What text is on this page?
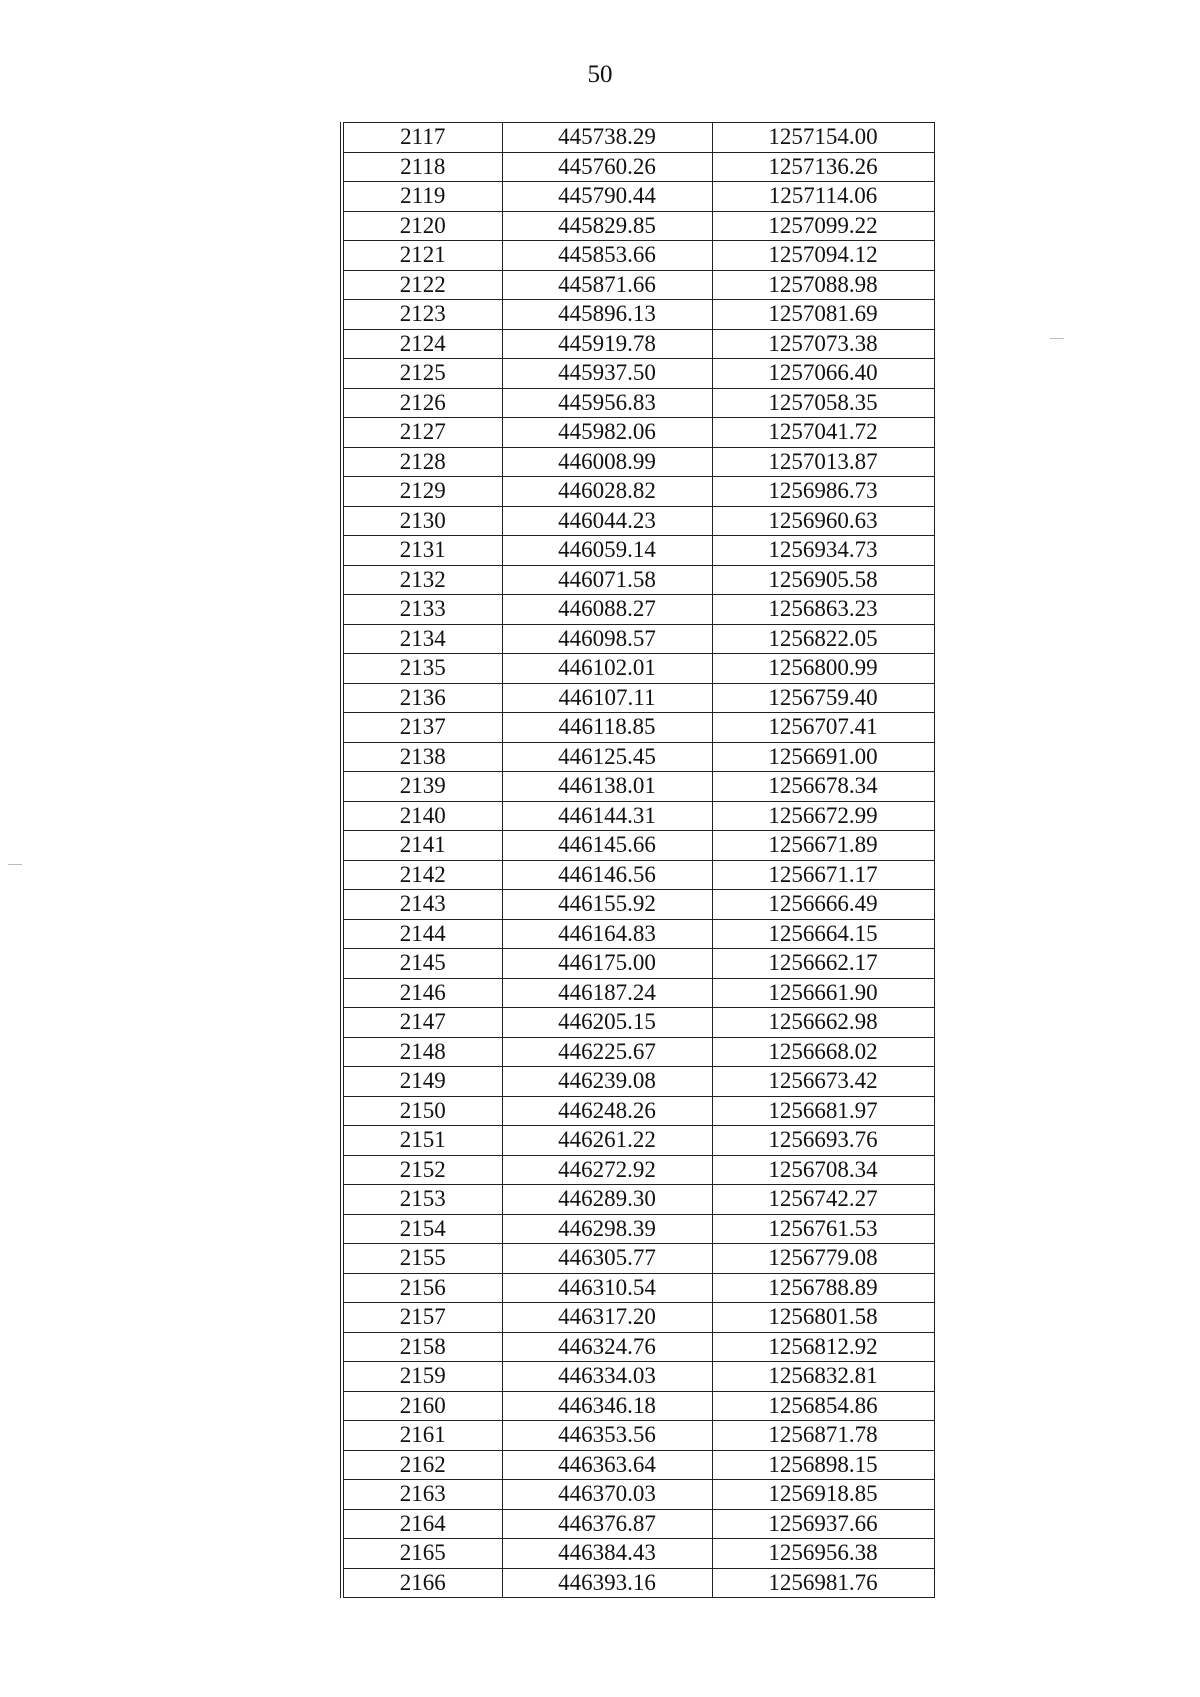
50
2117	445738.29	1257154.00
2118	445760.26	1257136.26
2119	445790.44	1257114.06
2120	445829.85	1257099.22
2121	445853.66	1257094.12
2122	445871.66	1257088.98
2123	445896.13	1257081.69
2124	445919.78	1257073.38
2125	445937.50	1257066.40
2126	445956.83	1257058.35
2127	445982.06	1257041.72
2128	446008.99	1257013.87
2129	446028.82	1256986.73
2130	446044.23	1256960.63
2131	446059.14	1256934.73
2132	446071.58	1256905.58
2133	446088.27	1256863.23
2134	446098.57	1256822.05
2135	446102.01	1256800.99
2136	446107.11	1256759.40
2137	446118.85	1256707.41
2138	446125.45	1256691.00
2139	446138.01	1256678.34
2140	446144.31	1256672.99
2141	446145.66	1256671.89
2142	446146.56	1256671.17
2143	446155.92	1256666.49
2144	446164.83	1256664.15
2145	446175.00	1256662.17
2146	446187.24	1256661.90
2147	446205.15	1256662.98
2148	446225.67	1256668.02
2149	446239.08	1256673.42
2150	446248.26	1256681.97
2151	446261.22	1256693.76
2152	446272.92	1256708.34
2153	446289.30	1256742.27
2154	446298.39	1256761.53
2155	446305.77	1256779.08
2156	446310.54	1256788.89
2157	446317.20	1256801.58
2158	446324.76	1256812.92
2159	446334.03	1256832.81
2160	446346.18	1256854.86
2161	446353.56	1256871.78
2162	446363.64	1256898.15
2163	446370.03	1256918.85
2164	446376.87	1256937.66
2165	446384.43	1256956.38
2166	446393.16	1256981.76
